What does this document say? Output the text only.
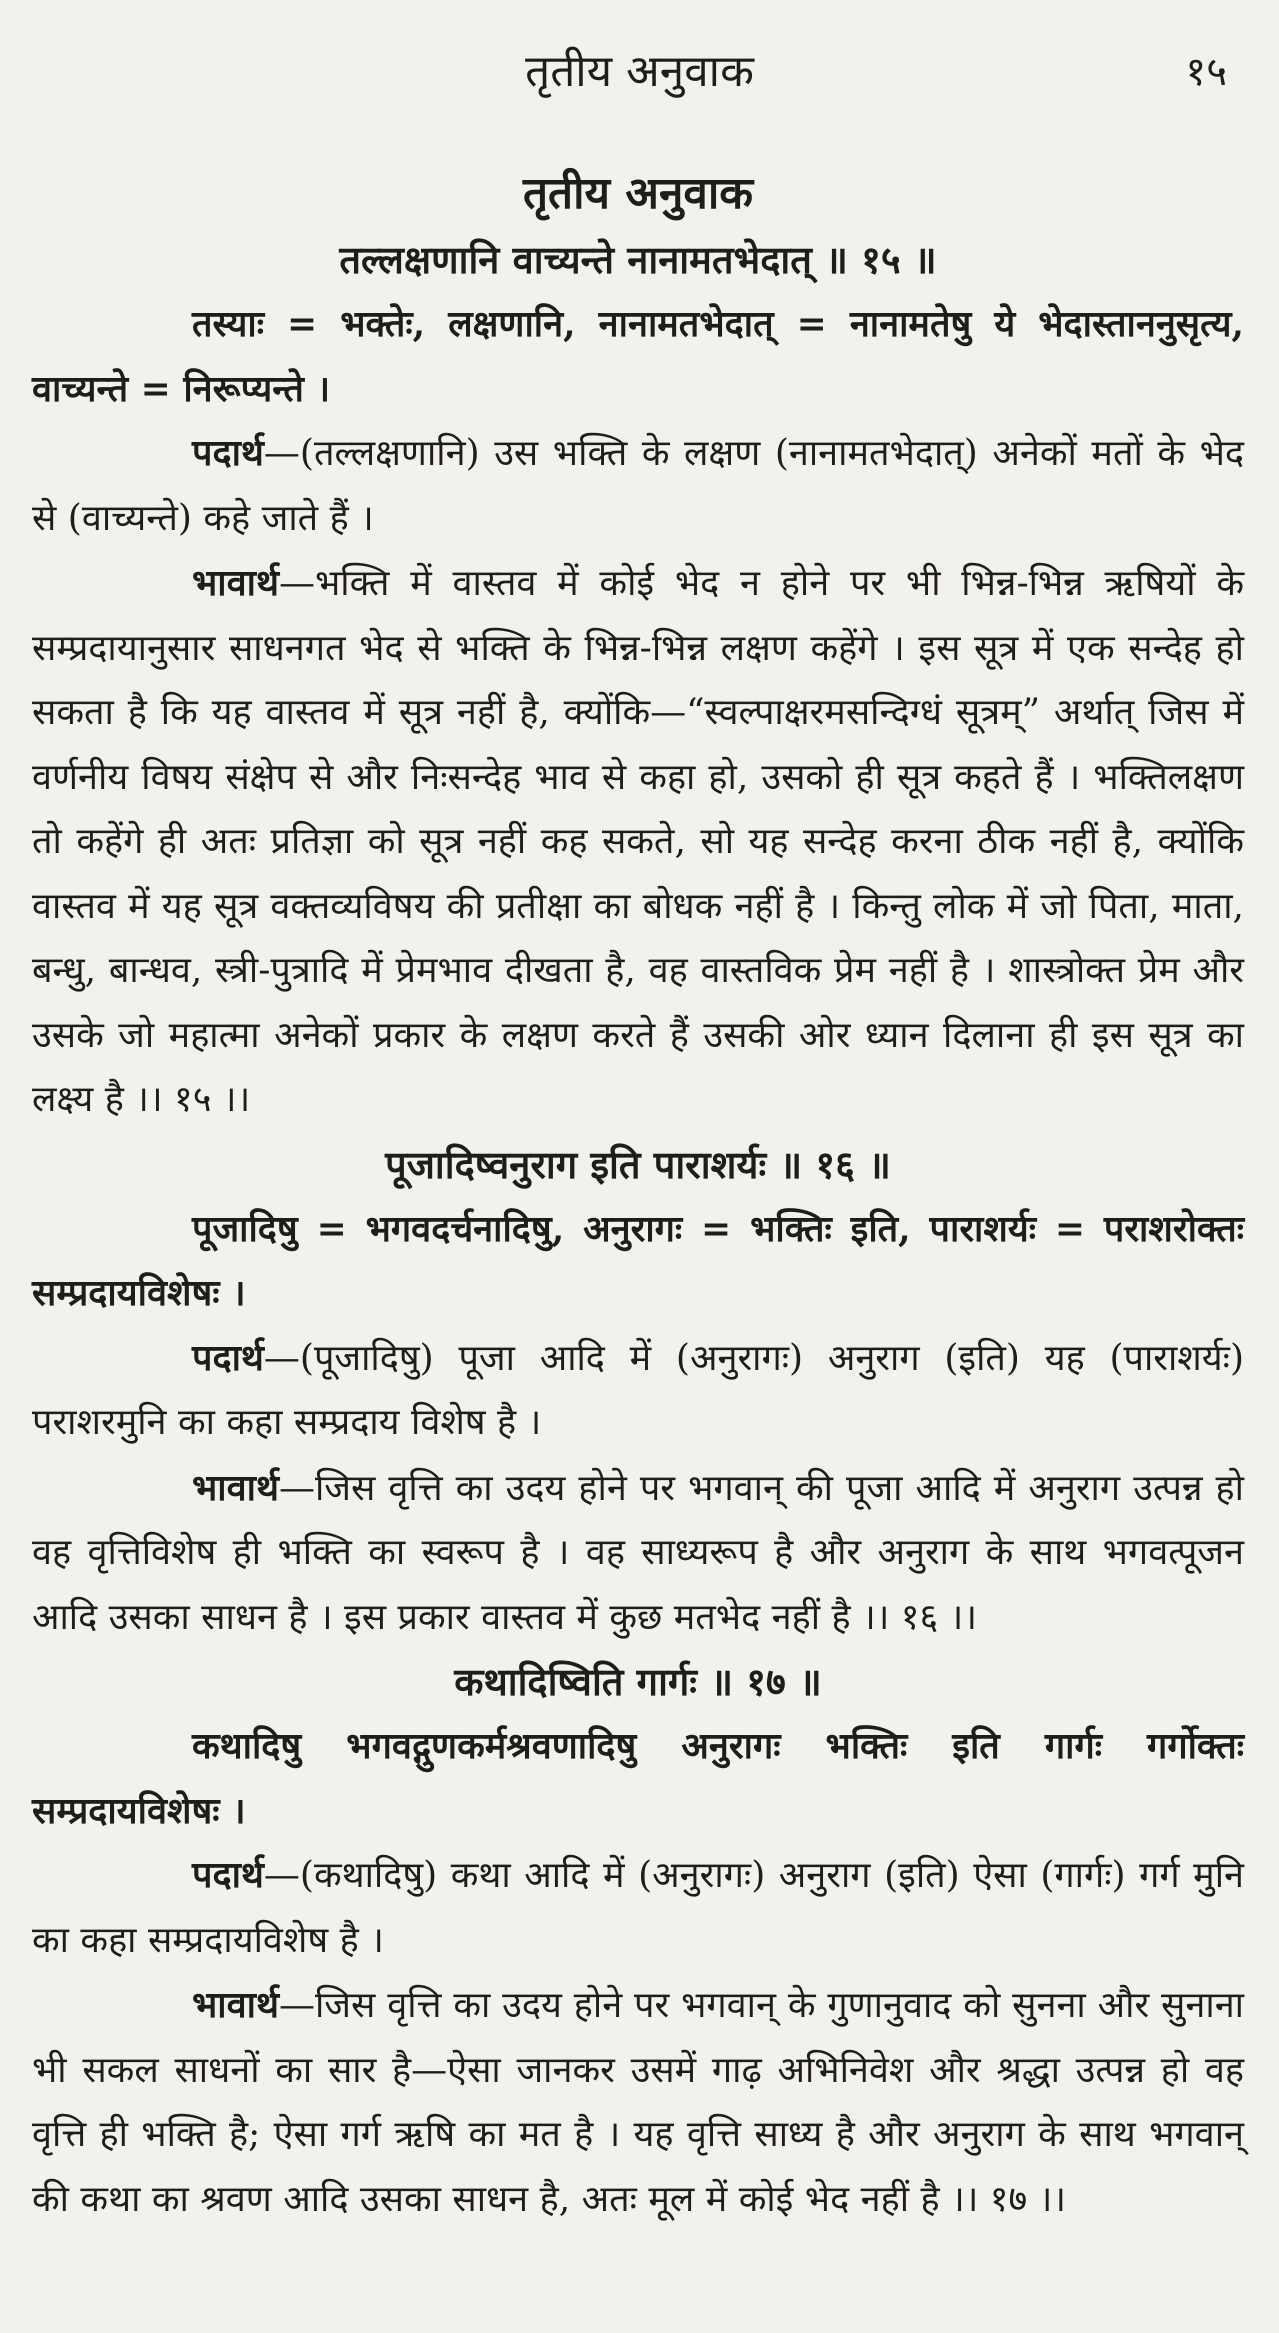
तृतीय अनुवाक	१५

तृतीय अनुवाक

तल्लक्षणानि वाच्यन्ते नानामतभेदात् ॥ १५ ॥

तस्याः = भक्तेः, लक्षणानि, नानामतभेदात् = नानामतेषु ये भेदास्ताननुसृत्य, वाच्यन्ते = निरूप्यन्ते ।

पदार्थ—(तल्लक्षणानि) उस भक्ति के लक्षण (नानामतभेदात्) अनेकों मतों के भेद से (वाच्यन्ते) कहे जाते हैं ।

भावार्थ—भक्ति में वास्तव में कोई भेद न होने पर भी भिन्न-भिन्न ऋषियों के सम्प्रदायानुसार साधनगत भेद से भक्ति के भिन्न-भिन्न लक्षण कहेंगे । इस सूत्र में एक सन्देह हो सकता है कि यह वास्तव में सूत्र नहीं है, क्योंकि—“स्वल्पाक्षरमसन्दिग्धं सूत्रम्” अर्थात् जिस में वर्णनीय विषय संक्षेप से और निःसन्देह भाव से कहा हो, उसको ही सूत्र कहते हैं । भक्तिलक्षण तो कहेंगे ही अतः प्रतिज्ञा को सूत्र नहीं कह सकते, सो यह सन्देह करना ठीक नहीं है, क्योंकि वास्तव में यह सूत्र वक्तव्यविषय की प्रतीक्षा का बोधक नहीं है । किन्तु लोक में जो पिता, माता, बन्धु, बान्धव, स्त्री-पुत्रादि में प्रेमभाव दीखता है, वह वास्तविक प्रेम नहीं है । शास्त्रोक्त प्रेम और उसके जो महात्मा अनेकों प्रकार के लक्षण करते हैं उसकी ओर ध्यान दिलाना ही इस सूत्र का लक्ष्य है ।। १५ ।।

पूजादिष्वनुराग इति पाराशर्यः ॥ १६ ॥

पूजादिषु = भगवदर्चनादिषु, अनुरागः = भक्तिः इति, पाराशर्यः = पराशरोक्तः सम्प्रदायविशेषः ।

पदार्थ—(पूजादिषु) पूजा आदि में (अनुरागः) अनुराग (इति) यह (पाराशर्यः) पराशरमुनि का कहा सम्प्रदाय विशेष है ।

भावार्थ—जिस वृत्ति का उदय होने पर भगवान् की पूजा आदि में अनुराग उत्पन्न हो वह वृत्तिविशेष ही भक्ति का स्वरूप है । वह साध्यरूप है और अनुराग के साथ भगवत्पूजन आदि उसका साधन है । इस प्रकार वास्तव में कुछ मतभेद नहीं है ।। १६ ।।

कथादिष्विति गार्गः ॥ १७ ॥

कथादिषु भगवद्गुणकर्मश्रवणादिषु अनुरागः भक्तिः इति गार्गः गर्गोक्तः सम्प्रदायविशेषः ।

पदार्थ—(कथादिषु) कथा आदि में (अनुरागः) अनुराग (इति) ऐसा (गार्गः) गर्ग मुनि का कहा सम्प्रदायविशेष है ।

भावार्थ—जिस वृत्ति का उदय होने पर भगवान् के गुणानुवाद को सुनना और सुनाना भी सकल साधनों का सार है—ऐसा जानकर उसमें गाढ़ अभिनिवेश और श्रद्धा उत्पन्न हो वह वृत्ति ही भक्ति है; ऐसा गर्ग ऋषि का मत है । यह वृत्ति साध्य है और अनुराग के साथ भगवान् की कथा का श्रवण आदि उसका साधन है, अतः मूल में कोई भेद नहीं है ।। १७ ।।
